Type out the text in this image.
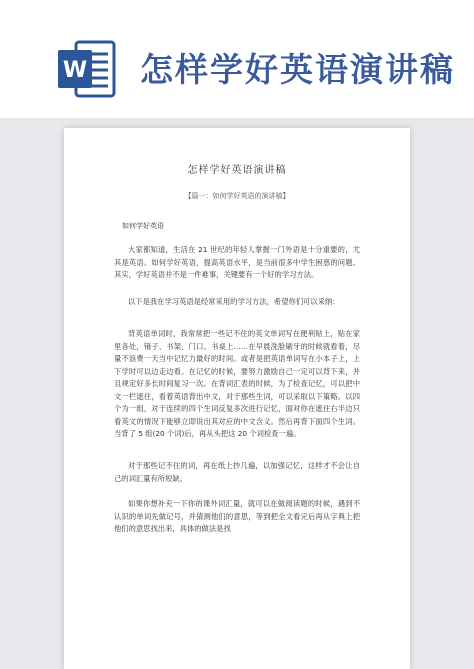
W 怎样学好英语演讲稿
怎样学好英语演讲稿
【篇一：如何学好英语的演讲稿】
如何学好英语

大家都知道，生活在 21 世纪的年轻人掌握一门外语是十分重要的，尤其是英语。如何学好英语，提高英语水平，是当前很多中学生困惑的问题。其实，学好英语并不是一件难事，关键要有一个好的学习方法。

以下是我在学习英语是经常采用的学习方法，希望你们可以采纳：

背英语单词时，我常常把一些记不住的英文单词写在便利贴上，贴在家里各处，镜子、书架、门口、书桌上……在早晨洗脸刷牙的时候就看着，尽量不浪费一天当中记忆力最好的时间。或者是把英语单词写在小本子上，上下学时可以边走边看。在记忆的时候，要努力激励自己一定可以背下来，并且规定好多长时间复习一次。在背词汇表的时候，为了检查记忆，可以把中文一栏遮住，看着英语背出中文，对于那些生词，可以采取以下策略。以四个为一组，对于连续的四个生词反复多次进行记忆，面对你在遮住右半边只看英文的情况下能够立即说出其对应的中文含义。然后再背下面四个生词。当背了 5 组(20 个词)后，再从头把这 20 个词检查一遍。

对于那些记不住的词，再在纸上抄几遍，以加强记忆，这样才不会让自己的词汇量有所短缺。

如果你想补充一下你的课外词汇量，就可以在做阅读题的时候，遇到不认识的单词先做记号，并猜测他们的意思，等到把全文看完后再从字典上把他们的意思找出来，具体的做法是找
